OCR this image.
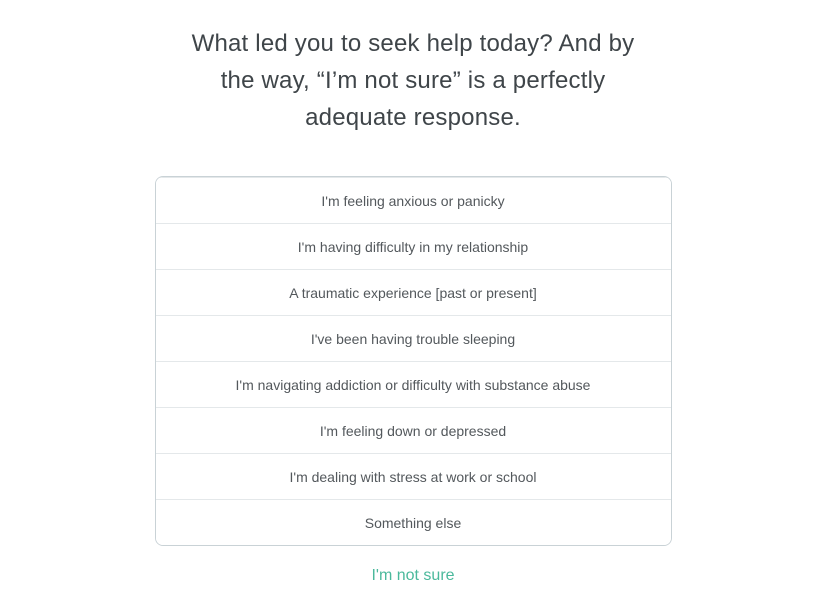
What led you to seek help today? And by the way, “I’m not sure” is a perfectly adequate response.
I'm feeling anxious or panicky
I'm having difficulty in my relationship
A traumatic experience [past or present]
I've been having trouble sleeping
I'm navigating addiction or difficulty with substance abuse
I'm feeling down or depressed
I'm dealing with stress at work or school
Something else
I'm not sure
